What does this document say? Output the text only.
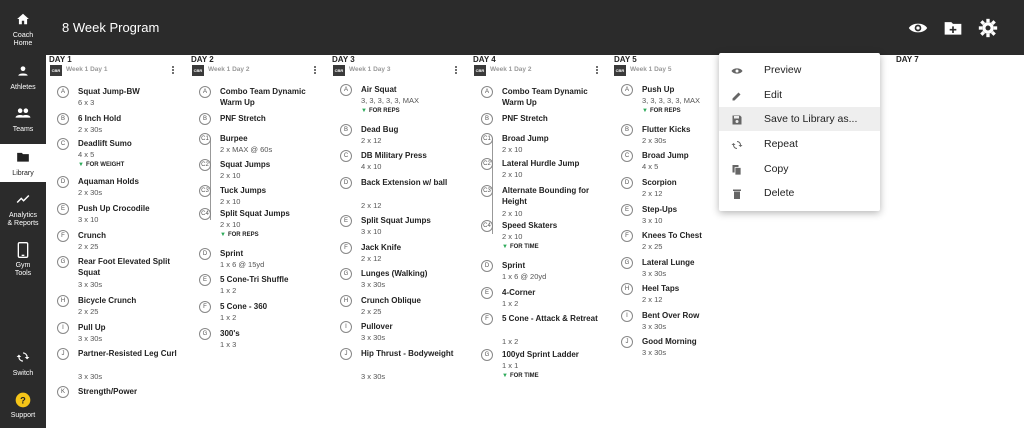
Coach
Home
Athletes
Teams
Library
Analytics
& Reports
Gym
Tools
Switch
?
Support
8 Week Program
DAY 1	DAY 2	DAY 3	DAY 4	DAY 5	DAY 7
CBR Week 1 Day 1
A	Squat Jump-BW
6 x 3
B	6 Inch Hold
2 x 30s
C	Deadlift Sumo
4 x 5
▼ FOR WEIGHT
D	Aquaman Holds
2 x 30s
E	Push Up Crocodile
3 x 10
F	Crunch
2 x 25
G	Rear Foot Elevated Split Squat
3 x 30s
H	Bicycle Crunch
2 x 25
I	Pull Up
3 x 30s
J	Partner-Resisted Leg Curl
3 x 30s
K	Strength/Power
CBR Week 1 Day 2
A	Combo Team Dynamic Warm Up
B	PNF Stretch
C1 Burpee
2 x MAX @ 60s
C2 Squat Jumps
2 x 10
C3 Tuck Jumps
2 x 10
C4 Split Squat Jumps
2 x 10
▼ FOR REPS
D	Sprint
1 x 6 @ 15yd
E	5 Cone-Tri Shuffle
1 x 2
F	5 Cone - 360
1 x 2
G	300's
1 x 3
CBR Week 1 Day 3
A	Air Squat
3, 3, 3, 3, 3, MAX
▼ FOR REPS
B	Dead Bug
2 x 12
C	DB Military Press
4 x 10
D	Back Extension w/ ball
2 x 12
E	Split Squat Jumps
3 x 10
F	Jack Knife
2 x 12
G	Lunges (Walking)
3 x 30s
H	Crunch Oblique
2 x 25
I	Pullover
3 x 30s
J	Hip Thrust - Bodyweight
3 x 30s
CBR Week 1 Day 2
A	Combo Team Dynamic Warm Up
B	PNF Stretch
C1 Broad Jump
2 x 10
C2 Lateral Hurdle Jump
2 x 10
C3 Alternate Bounding for Height
2 x 10
C4 Speed Skaters
2 x 10
▼ FOR TIME
D	Sprint
1 x 6 @ 20yd
E	4-Corner
1 x 2
F	5 Cone - Attack & Retreat
1 x 2
G	100yd Sprint Ladder
1 x 1
▼ FOR TIME
CBR Week 1 Day 5
A	Push Up
3, 3, 3, 3, 3, MAX
▼ FOR REPS
B	Flutter Kicks
2 x 30s
C	Broad Jump
4 x 5
D	Scorpion
2 x 12
E	Step-Ups
3 x 10
F	Knees To Chest
2 x 25
G	Lateral Lunge
3 x 30s
H	Heel Taps
2 x 12
I	Bent Over Row
3 x 30s
J	Good Morning
3 x 30s
Preview
Edit
Save to Library as...
Repeat
Copy
Delete
